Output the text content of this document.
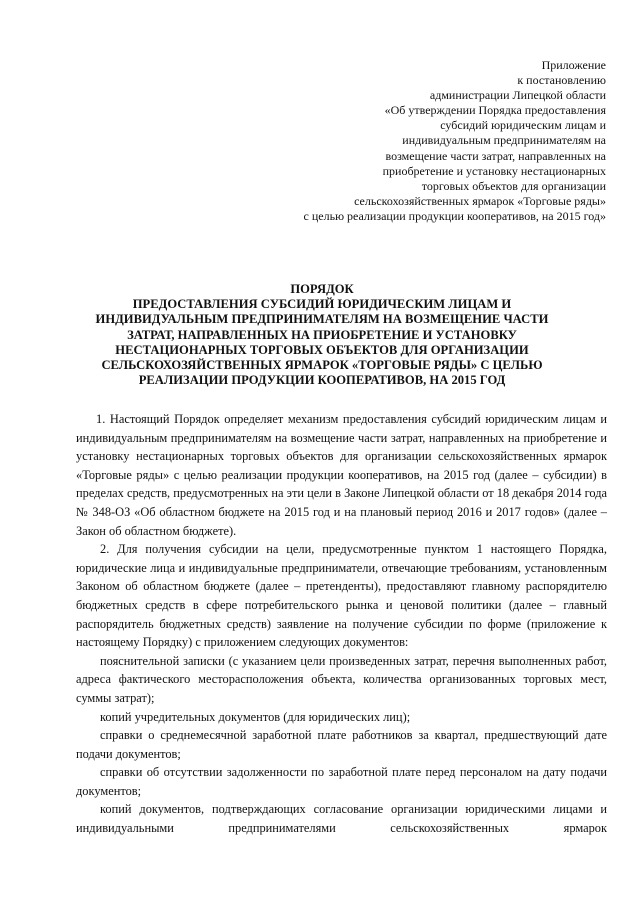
Приложение
к постановлению
администрации Липецкой области
«Об утверждении Порядка предоставления
субсидий юридическим лицам и
индивидуальным предпринимателям на
возмещение части затрат, направленных на
приобретение и установку нестационарных
торговых объектов для организации
сельскохозяйственных ярмарок «Торговые ряды»
с целью реализации продукции кооперативов, на 2015 год»
ПОРЯДОК
ПРЕДОСТАВЛЕНИЯ СУБСИДИЙ ЮРИДИЧЕСКИМ ЛИЦАМ И
ИНДИВИДУАЛЬНЫМ ПРЕДПРИНИМАТЕЛЯМ НА ВОЗМЕЩЕНИЕ ЧАСТИ
ЗАТРАТ, НАПРАВЛЕННЫХ НА ПРИОБРЕТЕНИЕ И УСТАНОВКУ
НЕСТАЦИОНАРНЫХ ТОРГОВЫХ ОБЪЕКТОВ ДЛЯ ОРГАНИЗАЦИИ
СЕЛЬСКОХОЗЯЙСТВЕННЫХ ЯРМАРОК «ТОРГОВЫЕ РЯДЫ» С ЦЕЛЬЮ
РЕАЛИЗАЦИИ ПРОДУКЦИИ КООПЕРАТИВОВ, НА 2015 ГОД

1. Настоящий Порядок определяет механизм предоставления субсидий юридическим лицам и индивидуальным предпринимателям на возмещение части затрат, направленных на приобретение и установку нестационарных торговых объектов для организации сельскохозяйственных ярмарок «Торговые ряды» с целью реализации продукции кооперативов, на 2015 год (далее – субсидии) в пределах средств, предусмотренных на эти цели в Законе Липецкой области от 18 декабря 2014 года № 348-ОЗ «Об областном бюджете на 2015 год и на плановый период 2016 и 2017 годов» (далее – Закон об областном бюджете).

2. Для получения субсидии на цели, предусмотренные пунктом 1 настоящего Порядка, юридические лица и индивидуальные предприниматели, отвечающие требованиям, установленным Законом об областном бюджете (далее – претенденты), предоставляют главному распорядителю бюджетных средств в сфере потребительского рынка и ценовой политики (далее – главный распорядитель бюджетных средств) заявление на получение субсидии по форме (приложение к настоящему Порядку) с приложением следующих документов:

пояснительной записки (с указанием цели произведенных затрат, перечня выполненных работ, адреса фактического месторасположения объекта, количества организованных торговых мест, суммы затрат);

копий учредительных документов (для юридических лиц);

справки о среднемесячной заработной плате работников за квартал, предшествующий дате подачи документов;

справки об отсутствии задолженности по заработной плате перед персоналом на дату подачи документов;

копий документов, подтверждающих согласование организации юридическими лицами и индивидуальными предпринимателями сельскохозяйственных ярмарок
